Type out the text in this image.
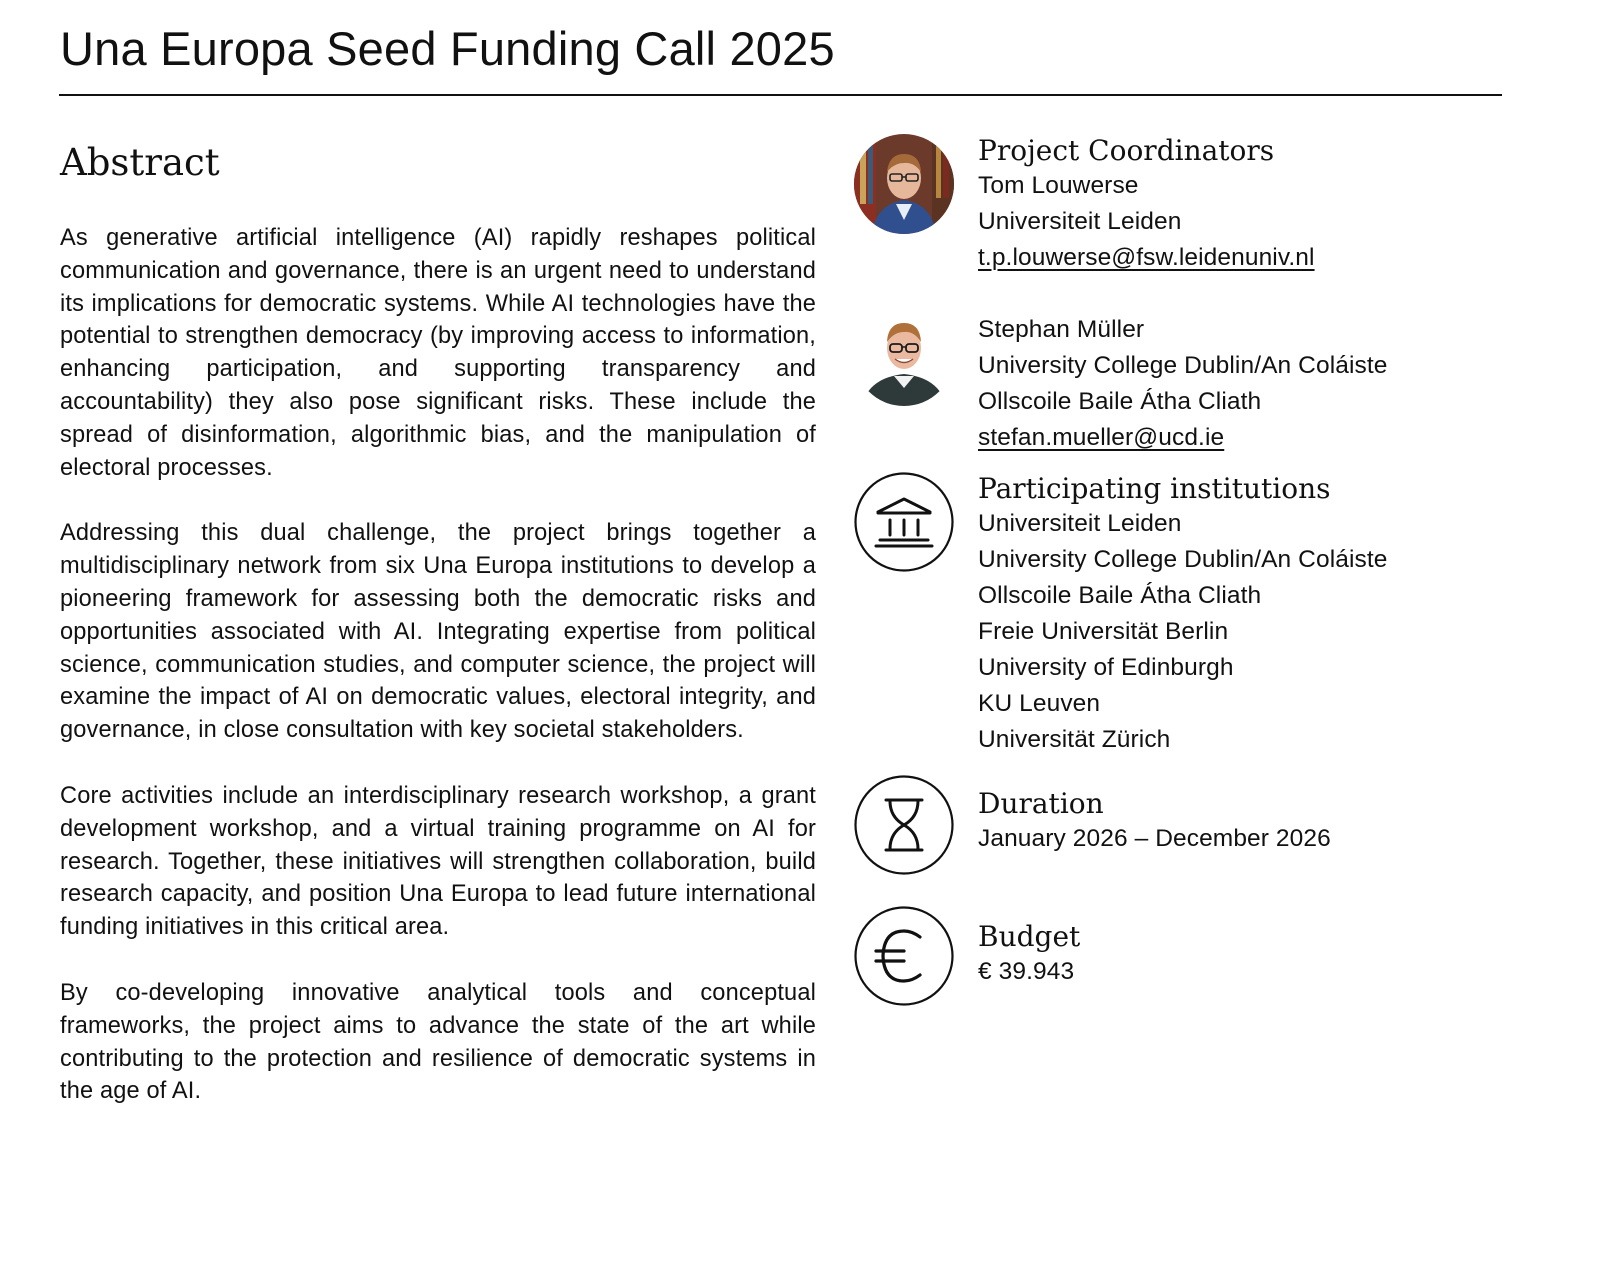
Una Europa Seed Funding Call 2025
Abstract

As generative artificial intelligence (AI) rapidly reshapes political communication and governance, there is an urgent need to understand its implications for democratic systems. While AI technologies have the potential to strengthen democracy (by improving access to information, enhancing participation, and supporting transparency and accountability) they also pose significant risks. These include the spread of disinformation, algorithmic bias, and the manipulation of electoral processes.

Addressing this dual challenge, the project brings together a multidisciplinary network from six Una Europa institutions to develop a pioneering framework for assessing both the democratic risks and opportunities associated with AI. Integrating expertise from political science, communication studies, and computer science, the project will examine the impact of AI on democratic values, electoral integrity, and governance, in close consultation with key societal stakeholders.

Core activities include an interdisciplinary research workshop, a grant development workshop, and a virtual training programme on AI for research. Together, these initiatives will strengthen collaboration, build research capacity, and position Una Europa to lead future international funding initiatives in this critical area.

By co-developing innovative analytical tools and conceptual frameworks, the project aims to advance the state of the art while contributing to the protection and resilience of democratic systems in the age of AI.

Project Coordinators

Tom Louwerse

Universiteit Leiden

t.p.louwerse@fsw.leidenuniv.nl

Stephan Müller

University College Dublin/An Coláiste

Ollscoile Baile Átha Cliath

stefan.mueller@ucd.ie

Participating institutions

Universiteit Leiden
University College Dublin/An Coláiste
Ollscoile Baile Átha Cliath
Freie Universität Berlin
University of Edinburgh
KU Leuven
Universität Zürich

Duration

January 2026 – December 2026

Budget

€ 39.943
